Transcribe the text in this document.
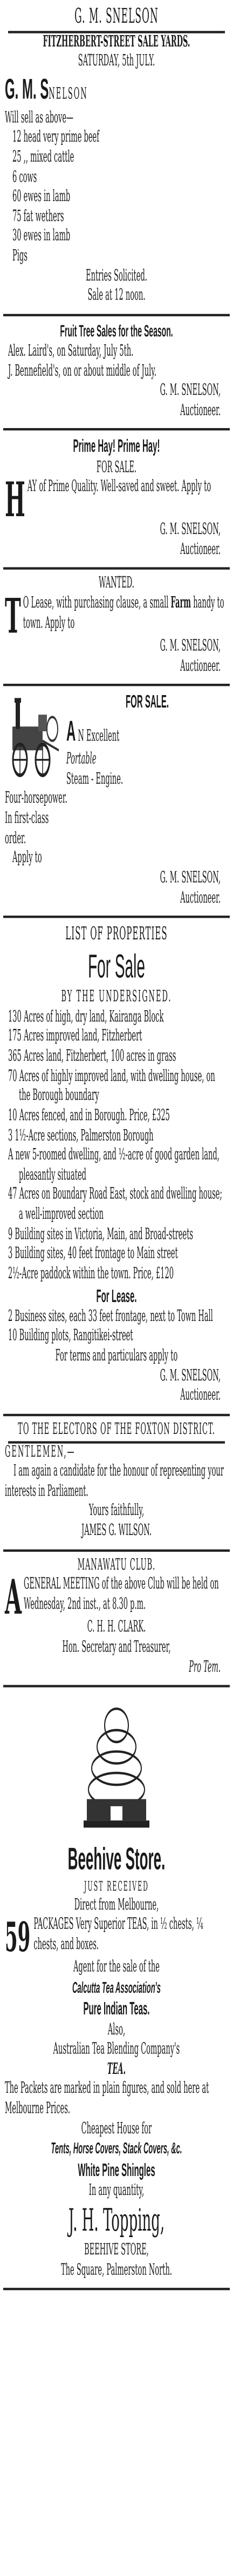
G. M. SNELSON
FITZHERBERT-STREET SALE YARDS.
SATURDAY, 5th JULY.
G. M. SNELSON
Will sell as above—
12 head very prime beef
25 ,, mixed cattle
6 cows
60 ewes in lamb
75 fat wethers
30 ewes in lamb
Pigs
Entries Solicited.
Sale at 12 noon.
Fruit Tree Sales for the Season.
Alex. Laird's, on Saturday, July 5th.
J. Bennefield's, on or about middle of July.
G. M. SNELSON,
Auctioneer.
Prime Hay! Prime Hay!
FOR SALE.
HAY of Prime Quality. Well-saved and sweet. Apply to
G. M. SNELSON,
Auctioneer.
WANTED.
T O Lease, with purchasing clause, a small Farm handy to town. Apply to
G. M. SNELSON,
Auctioneer.
FOR SALE.
A N Excellent
Portable
Steam - Engine.
Four-horsepower.
In first-class
order.
Apply to
G. M. SNELSON,
Auctioneer.
LIST OF PROPERTIES
For Sale
BY THE UNDERSIGNED.
130 Acres of high, dry land, Kairanga Block
175 Acres improved land, Fitzherbert
365 Acres land, Fitzherbert, 100 acres in grass
70 Acres of highly improved land, with dwelling house, on the Borough boundary
10 Acres fenced, and in Borough. Price, £325
3 1½-Acre sections, Palmerston Borough
A new 5-roomed dwelling, and ½-acre of good garden land, pleasantly situated
47 Acres on Boundary Road East, stock and dwelling house; a well-improved section
9 Building sites in Victoria, Main, and Broad-streets
3 Building sites, 40 feet frontage to Main street
2½-Acre paddock within the town. Price, £120
For Lease.
2 Business sites, each 33 feet frontage, next to Town Hall
10 Building plots, Rangitikei-street
For terms and particulars apply to
G. M. SNELSON,
Auctioneer.
TO THE ELECTORS OF THE FOXTON DISTRICT.
GENTLEMEN,—
I am again a candidate for the honour of representing your interests in Parliament.
Yours faithfully,
JAMES G. WILSON.
MANAWATU CLUB.
AGENERAL MEETING of the above Club will be held on Wednesday, 2nd inst., at 8.30 p.m.
C. H. H. CLARK.
Hon. Secretary and Treasurer,
Pro Tem.
Beehive Store.
JUST RECEIVED
Direct from Melbourne,
59 PACKAGES Very Superior TEAS, in ½ chests, ¼ chests, and boxes.
Agent for the sale of the
Calcutta Tea Association's
Pure Indian Teas.
Also,
Australian Tea Blending Company's
TEA.
The Packets are marked in plain figures, and sold here at Melbourne Prices.
Cheapest House for
Tents, Horse Covers, Stack Covers, &c.
White Pine Shingles
In any quantity,
J. H. Topping,
BEEHIVE STORE,
The Square, Palmerston North.
